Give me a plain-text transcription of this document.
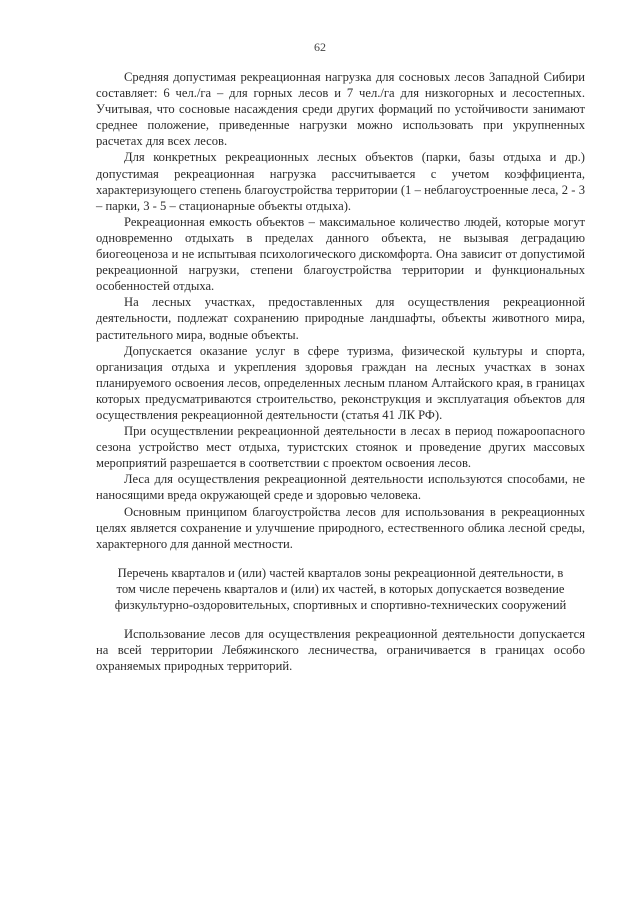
62

Средняя допустимая рекреационная нагрузка для сосновых лесов Западной Сибири составляет: 6 чел./га – для горных лесов и 7 чел./га для низкогорных и лесостепных. Учитывая, что сосновые насаждения среди других формаций по устойчивости занимают среднее положение, приведенные нагрузки можно использовать при укрупненных расчетах для всех лесов.

Для конкретных рекреационных лесных объектов (парки, базы отдыха и др.) допустимая рекреационная нагрузка рассчитывается с учетом коэффициента, характеризующего степень благоустройства территории (1 – неблагоустроенные леса, 2 - 3 – парки, 3 - 5 – стационарные объекты отдыха).

Рекреационная емкость объектов – максимальное количество людей, которые могут одновременно отдыхать в пределах данного объекта, не вызывая деградацию биогеоценоза и не испытывая психологического дискомфорта. Она зависит от допустимой рекреационной нагрузки, степени благоустройства территории и функциональных особенностей отдыха.

На лесных участках, предоставленных для осуществления рекреационной деятельности, подлежат сохранению природные ландшафты, объекты животного мира, растительного мира, водные объекты.

Допускается оказание услуг в сфере туризма, физической культуры и спорта, организация отдыха и укрепления здоровья граждан на лесных участках в зонах планируемого освоения лесов, определенных лесным планом Алтайского края, в границах которых предусматриваются строительство, реконструкция и эксплуатация объектов для осуществления рекреационной деятельности (статья 41 ЛК РФ).

При осуществлении рекреационной деятельности в лесах в период пожароопасного сезона устройство мест отдыха, туристских стоянок и проведение других массовых мероприятий разрешается в соответствии с проектом освоения лесов.

Леса для осуществления рекреационной деятельности используются способами, не наносящими вреда окружающей среде и здоровью человека.

Основным принципом благоустройства лесов для использования в рекреационных целях является сохранение и улучшение природного, естественного облика лесной среды, характерного для данной местности.

Перечень кварталов и (или) частей кварталов зоны рекреационной деятельности, в том числе перечень кварталов и (или) их частей, в которых допускается возведение физкультурно-оздоровительных, спортивных и спортивно-технических сооружений

Использование лесов для осуществления рекреационной деятельности допускается на всей территории Лебяжинского лесничества, ограничивается в границах особо охраняемых природных территорий.
